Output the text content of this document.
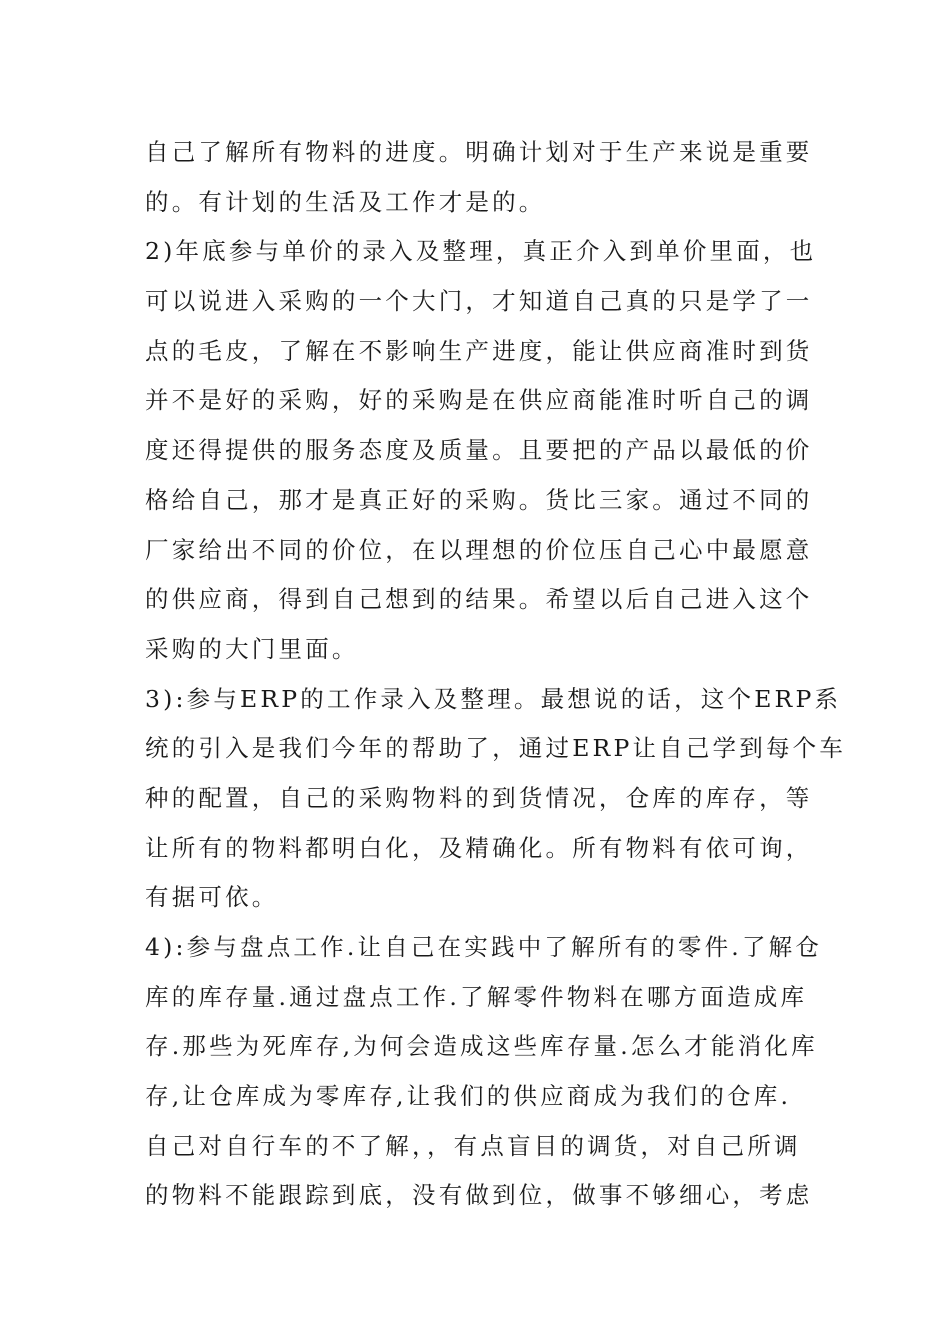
自己了解所有物料的进度。明确计划对于生产来说是重要
的。有计划的生活及工作才是的。
2)年底参与单价的录入及整理，真正介入到单价里面，也
可以说进入采购的一个大门，才知道自己真的只是学了一
点的毛皮，了解在不影响生产进度，能让供应商准时到货
并不是好的采购，好的采购是在供应商能准时听自己的调
度还得提供的服务态度及质量。且要把的产品以最低的价
格给自己，那才是真正好的采购。货比三家。通过不同的
厂家给出不同的价位，在以理想的价位压自己心中最愿意
的供应商，得到自己想到的结果。希望以后自己进入这个
采购的大门里面。
3):参与ERP的工作录入及整理。最想说的话，这个ERP系
统的引入是我们今年的帮助了，通过ERP让自己学到每个车
种的配置，自己的采购物料的到货情况，仓库的库存，等
让所有的物料都明白化，及精确化。所有物料有依可询，
有据可依。
4):参与盘点工作.让自己在实践中了解所有的零件.了解仓
库的库存量.通过盘点工作.了解零件物料在哪方面造成库
存.那些为死库存,为何会造成这些库存量.怎么才能消化库
存,让仓库成为零库存,让我们的供应商成为我们的仓库.
自己对自行车的不了解，，有点盲目的调货，对自己所调
的物料不能跟踪到底，没有做到位，做事不够细心，考虑
